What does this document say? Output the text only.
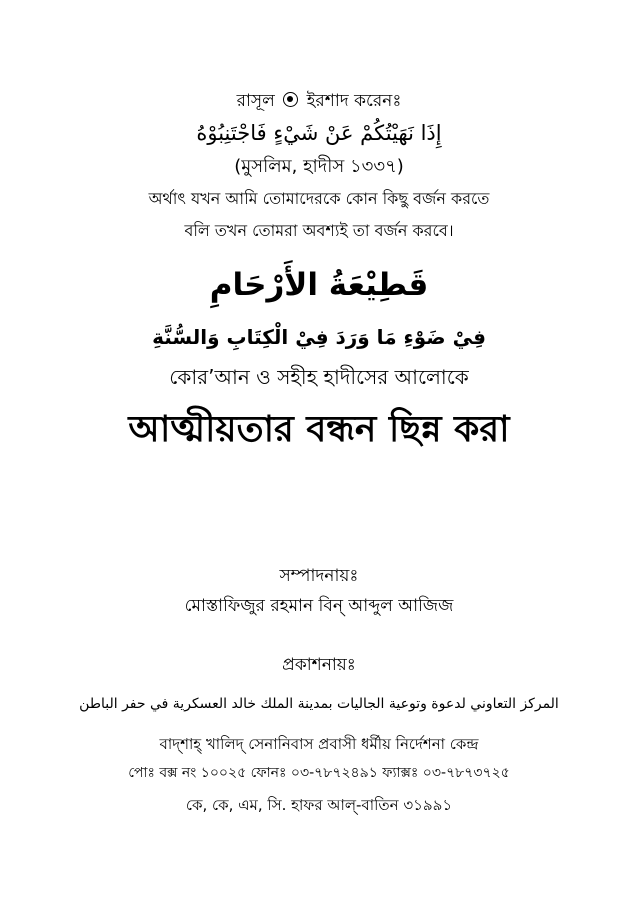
রাসূল ইরশাদ করেনঃ
إِذَا نَهَيْتُكُمْ عَنْ شَيْءٍ فَاجْتَنِبُوْهُ
(মুসলিম, হাদীস ১৩৩৭)
অর্থাৎ যখন আমি তোমাদেরকে কোন কিছু বর্জন করতে
বলি তখন তোমরা অবশ্যই তা বর্জন করবে।
قَطِيْعَةُ الأَرْحَامِ
فِيْ ضَوْءِ مَا وَرَدَ فِيْ الْكِتَابِ وَالسُّنَّةِ
কোর’আন ও সহীহ হাদীসের আলোকে
আত্মীয়তার বন্ধন ছিন্ন করা
সম্পাদনায়ঃ
মোস্তাফিজুর রহমান বিন্ আব্দুল আজিজ
প্রকাশনায়ঃ
المركز التعاوني لدعوة وتوعية الجاليات بمدينة الملك خالد العسكرية في حفر الباطن
বাদ্শাহ্ খালিদ্ সেনানিবাস প্রবাসী ধর্মীয় নির্দেশনা কেন্দ্র
পোঃ বক্স নং ১০০২৫ ফোনঃ ০৩-৭৮৭২৪৯১ ফ্যাক্সঃ ০৩-৭৮৭৩৭২৫
কে, কে, এম, সি. হাফর আল্-বাতিন ৩১৯৯১
